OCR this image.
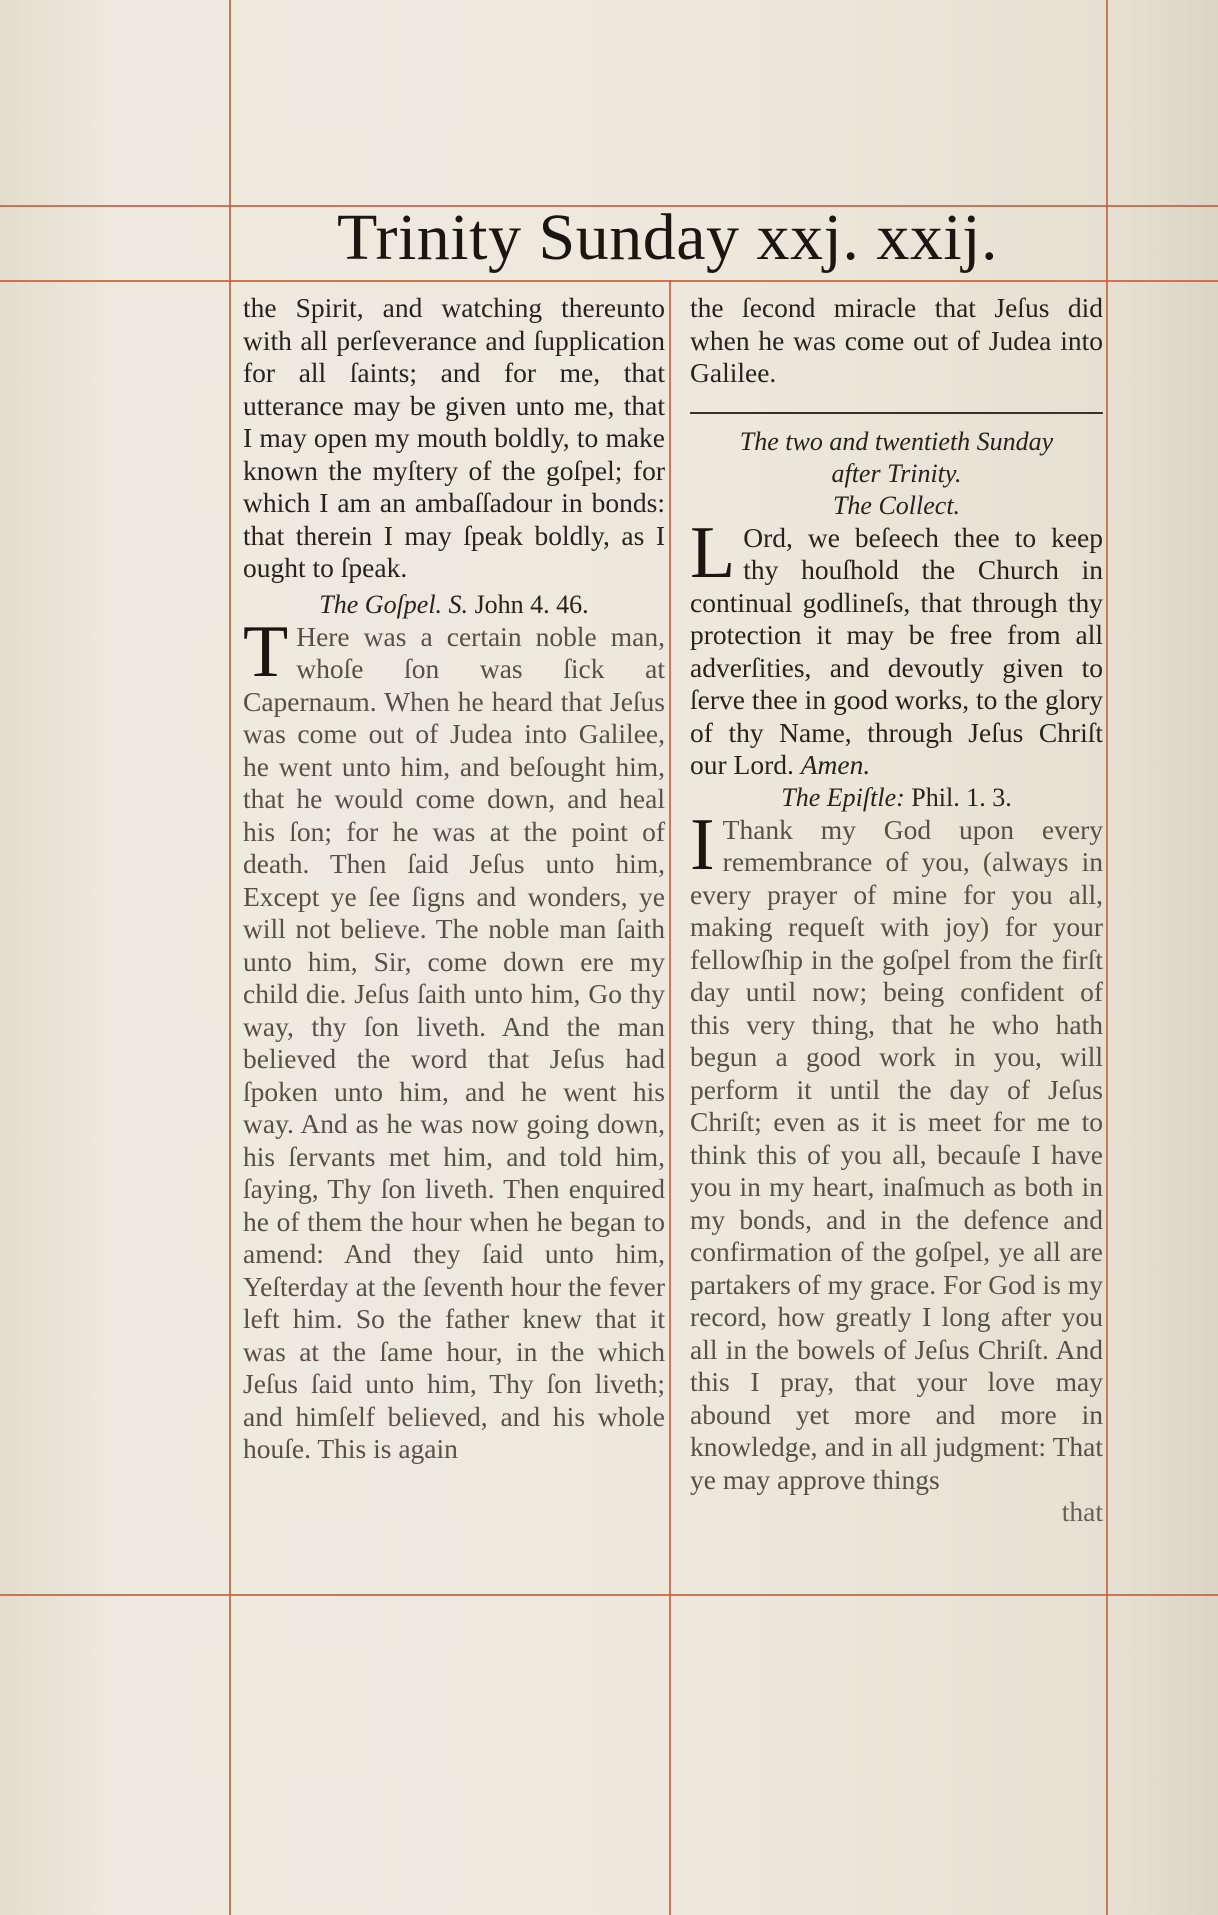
Trinity Sunday xxj. xxij.

the Spirit, and watching thereunto with all perſeverance and ſupplication for all ſaints; and for me, that utterance may be given unto me, that I may open my mouth boldly, to make known the myſtery of the goſpel; for which I am an ambaſſadour in bonds: that therein I may ſpeak boldly, as I ought to ſpeak.

The Goſpel. S. John 4. 46.

T Here was a certain noble man, whoſe ſon was ſick at Capernaum. When he heard that Jeſus was come out of Judea into Galilee, he went unto him, and beſought him, that he would come down, and heal his ſon; for he was at the point of death. Then ſaid Jeſus unto him, Except ye ſee ſigns and wonders, ye will not believe. The noble man ſaith unto him, Sir, come down ere my child die. Jeſus ſaith unto him, Go thy way, thy ſon liveth. And the man believed the word that Jeſus had ſpoken unto him, and he went his way. And as he was now going down, his ſervants met him, and told him, ſaying, Thy ſon liveth. Then enquired he of them the hour when he began to amend: And they ſaid unto him, Yeſterday at the ſeventh hour the fever left him. So the father knew that it was at the ſame hour, in the which Jeſus ſaid unto him, Thy ſon liveth; and himſelf believed, and his whole houſe. This is again

the ſecond miracle that Jeſus did when he was come out of Judea into Galilee.

The two and twentieth Sunday

after Trinity.

The Collect.

L Ord, we beſeech thee to keep thy houſhold the Church in continual godlineſs, that through thy protection it may be free from all adverſities, and devoutly given to ſerve thee in good works, to the glory of thy Name, through Jeſus Chriſt our Lord. Amen.

The Epiſtle: Phil. 1. 3.

I Thank my God upon every remembrance of you, (always in every prayer of mine for you all, making requeſt with joy) for your fellowſhip in the goſpel from the firſt day until now; being confident of this very thing, that he who hath begun a good work in you, will perform it until the day of Jeſus Chriſt; even as it is meet for me to think this of you all, becauſe I have you in my heart, inaſmuch as both in my bonds, and in the defence and confirmation of the goſpel, ye all are partakers of my grace. For God is my record, how greatly I long after you all in the bowels of Jeſus Chriſt. And this I pray, that your love may abound yet more and more in knowledge, and in all judgment: That ye may approve things
that
